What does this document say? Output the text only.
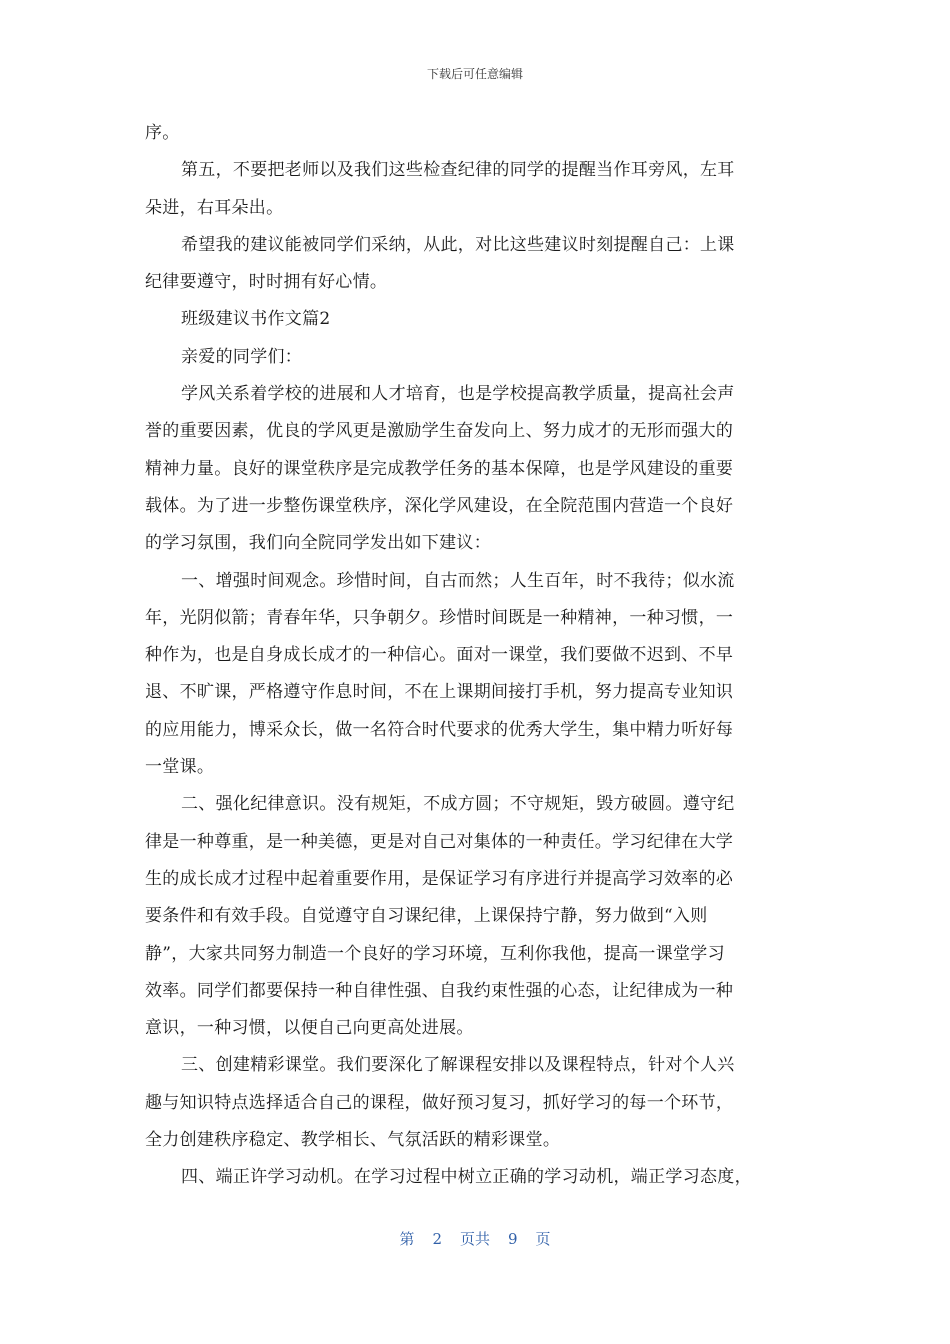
下载后可任意编辑
序。
第五，不要把老师以及我们这些检查纪律的同学的提醒当作耳旁风，左耳
朵进，右耳朵出。
希望我的建议能被同学们采纳，从此，对比这些建议时刻提醒自己：上课
纪律要遵守，时时拥有好心情。
班级建议书作文篇2
亲爱的同学们：
学风关系着学校的进展和人才培育，也是学校提高教学质量，提高社会声
誉的重要因素，优良的学风更是激励学生奋发向上、努力成才的无形而强大的
精神力量。良好的课堂秩序是完成教学任务的基本保障，也是学风建设的重要
载体。为了进一步整伤课堂秩序，深化学风建设，在全院范围内营造一个良好
的学习氛围，我们向全院同学发出如下建议：
一、增强时间观念。珍惜时间，自古而然；人生百年，时不我待；似水流
年，光阴似箭；青春年华，只争朝夕。珍惜时间既是一种精神，一种习惯，一
种作为，也是自身成长成才的一种信心。面对一课堂，我们要做不迟到、不早
退、不旷课，严格遵守作息时间，不在上课期间接打手机，努力提高专业知识
的应用能力，博采众长，做一名符合时代要求的优秀大学生，集中精力听好每
一堂课。
二、强化纪律意识。没有规矩，不成方圆；不守规矩，毁方破圆。遵守纪
律是一种尊重，是一种美德，更是对自己对集体的一种责任。学习纪律在大学
生的成长成才过程中起着重要作用，是保证学习有序进行并提高学习效率的必
要条件和有效手段。自觉遵守自习课纪律，上课保持宁静，努力做到“入则
静”，大家共同努力制造一个良好的学习环境，互利你我他，提高一课堂学习
效率。同学们都要保持一种自律性强、自我约束性强的心态，让纪律成为一种
意识，一种习惯，以便自己向更高处进展。
三、创建精彩课堂。我们要深化了解课程安排以及课程特点，针对个人兴
趣与知识特点选择适合自己的课程，做好预习复习，抓好学习的每一个环节，
全力创建秩序稳定、教学相长、气氛活跃的精彩课堂。
四、端正许学习动机。在学习过程中树立正确的学习动机，端正学习态度，
第 2 页共 9 页
